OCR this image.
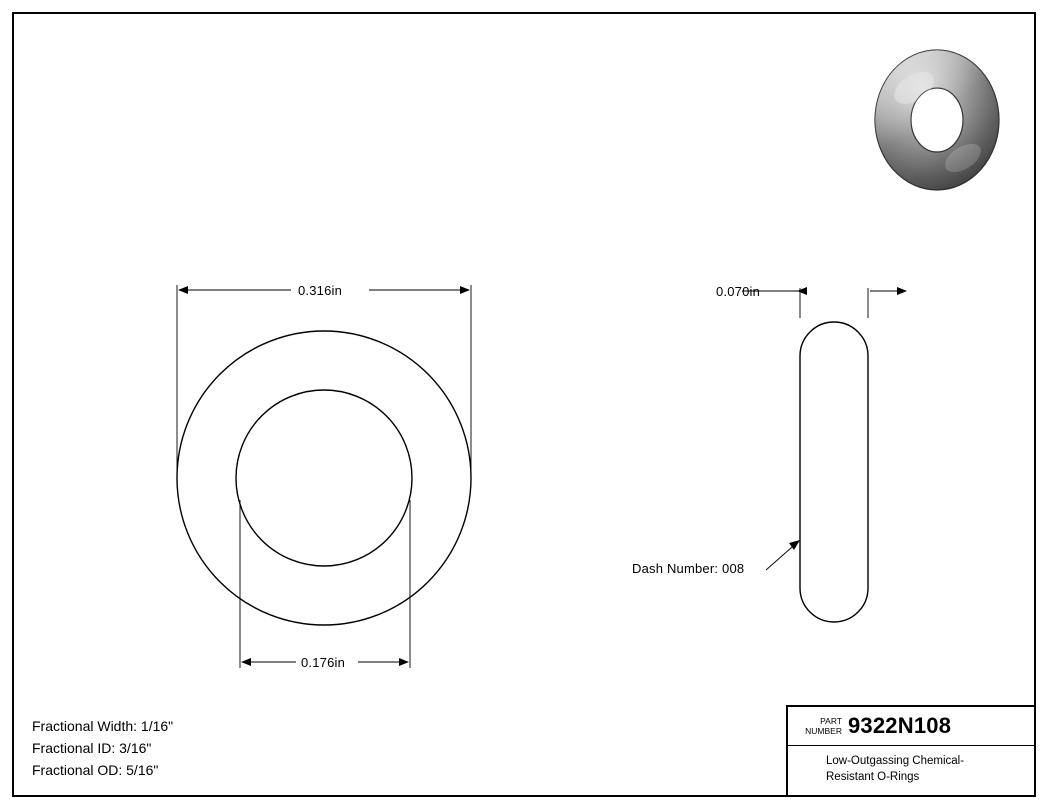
0.316in
0.176in
0.070in
Dash Number: 008
Fractional Width: 1/16"
Fractional ID: 3/16"
Fractional OD: 5/16"
PART
NUMBER 9322N108
Low-Outgassing Chemical-
Resistant O-Rings
